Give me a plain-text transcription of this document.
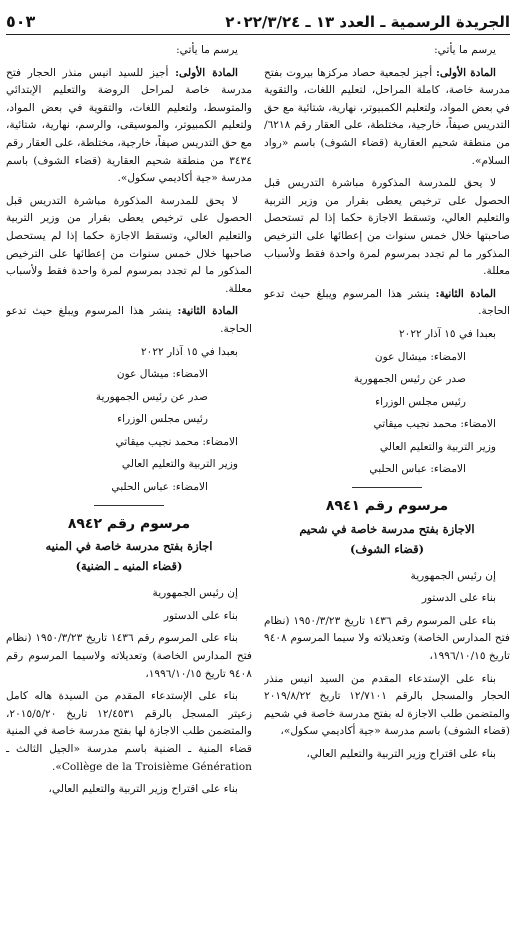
الجريدة الرسمية ـ العدد ١٣ ـ ٢٠٢٢/٣/٢٤
٥٠٣

يرسم ما يأتي:

المادة الأولى: أجيز لجمعية حصاد مركزها بيروت بفتح مدرسة خاصة، كاملة المراحل، لتعليم اللغات، والتقوية في بعض المواد، ولتعليم الكمبيوتر، نهارية، شتائية مع حق التدريس صيفاً، خارجية، مختلطة، على العقار رقم ٦٢١٨/ من منطقة شحيم العقارية (قضاء الشوف) باسم «رواد السلام».

لا يحق للمدرسة المذكورة مباشرة التدريس قبل الحصول على ترخيص يعطى بقرار من وزير التربية والتعليم العالي، وتسقط الاجازة حكما إذا لم تستحصل صاحبتها خلال خمس سنوات من إعطائها على الترخيص المذكور ما لم تجدد بمرسوم لمرة واحدة فقط ولأسباب معللة.

المادة الثانية: ينشر هذا المرسوم ويبلغ حيث تدعو الحاجة.

بعبدا في ١٥ آذار ٢٠٢٢

الامضاء: ميشال عون

صدر عن رئيس الجمهورية

رئيس مجلس الوزراء

الامضاء: محمد نجيب ميقاتي

وزير التربية والتعليم العالي

الامضاء: عباس الحلبي

مرسوم رقم ٨٩٤١

الاجازة بفتح مدرسة خاصة في شحيم

(قضاء الشوف)

إن رئيس الجمهورية

بناء على الدستور

بناء على المرسوم رقم ١٤٣٦ تاريخ ١٩٥٠/٣/٢٣ (نظام فتح المدارس الخاصة) وتعديلاته ولا سيما المرسوم ٩٤٠٨ تاريخ ١٩٩٦/١٠/١٥،

بناء على الإستدعاء المقدم من السيد انيس منذر الحجار والمسجل بالرقم ١٢/٧١٠١ تاريخ ٢٠١٩/٨/٢٢ والمتضمن طلب الاجازة له بفتح مدرسة خاصة في شحيم (قضاء الشوف) باسم مدرسة «جية أكاديمي سكول»،

بناء على اقتراح وزير التربية والتعليم العالي،

يرسم ما يأتي:

المادة الأولى: أجيز للسيد انيس منذر الحجار فتح مدرسة خاصة لمراحل الروضة والتعليم الإبتدائي والمتوسط، ولتعليم اللغات، والتقوية في بعض المواد، ولتعليم الكمبيوتر، والموسيقى، والرسم، نهارية، شتائية، مع حق التدريس صيفاً، خارجية، مختلطة، على العقار رقم ٣٤٣٤ من منطقة شحيم العقارية (قضاء الشوف) باسم مدرسة «جية أكاديمي سكول».

لا يحق للمدرسة المذكورة مباشرة التدريس قبل الحصول على ترخيص يعطى بقرار من وزير التربية والتعليم العالي، وتسقط الاجازة حكما إذا لم يستحصل صاحبها خلال خمس سنوات من إعطائها على الترخيص المذكور ما لم تجدد بمرسوم لمرة واحدة فقط ولأسباب معللة.

المادة الثانية: ينشر هذا المرسوم ويبلغ حيث تدعو الحاجة.

بعبدا في ١٥ آذار ٢٠٢٢

الامضاء: ميشال عون

صدر عن رئيس الجمهورية

رئيس مجلس الوزراء

الامضاء: محمد نجيب ميقاتي

وزير التربية والتعليم العالي

الامضاء: عباس الحلبي

مرسوم رقم ٨٩٤٢

اجازة بفتح مدرسة خاصة في المنيه

(قضاء المنيه ـ الضنية)

إن رئيس الجمهورية

بناء على الدستور

بناء على المرسوم رقم ١٤٣٦ تاريخ ١٩٥٠/٣/٢٣ (نظام فتح المدارس الخاصة) وتعديلاته ولاسيما المرسوم رقم ٩٤٠٨ تاريخ ١٩٩٦/١٠/١٥،

بناء على الإستدعاء المقدم من السيدة هاله كامل زعيتر المسجل بالرقم ١٢/٤٥٣١ تاريخ ٢٠١٥/٥/٢٠، والمتضمن طلب الاجازة لها بفتح مدرسة خاصة في المنية قضاء المنية ـ الضنية باسم مدرسة «الجيل الثالث ـ Collège de la Troisième Génération».

بناء على اقتراح وزير التربية والتعليم العالي،
